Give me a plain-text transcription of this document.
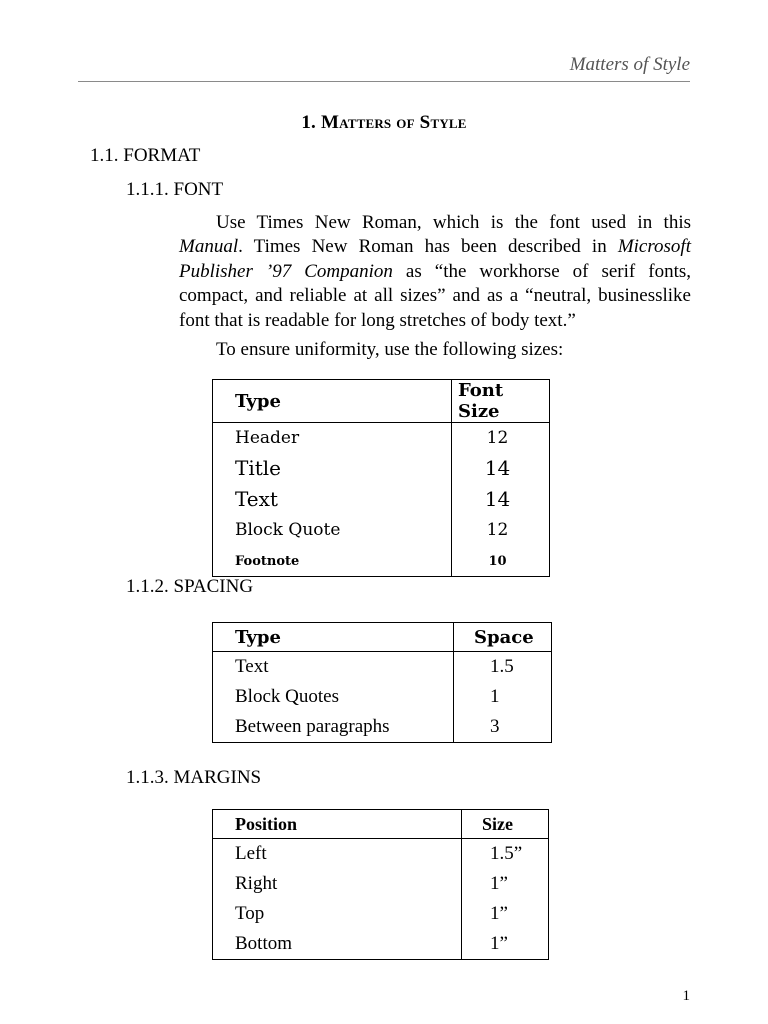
Matters of Style
1. Matters of Style
1.1. FORMAT
1.1.1. FONT
Use Times New Roman, which is the font used in this Manual. Times New Roman has been described in Microsoft Publisher ’97 Companion as “the workhorse of serif fonts, compact, and reliable at all sizes” and as a “neutral, businesslike font that is readable for long stretches of body text.”
To ensure uniformity, use the following sizes:
Type	Font Size
Header	12
Title	14
Text	14
Block Quote	12
Footnote	10
1.1.2. SPACING
Type	Space
Text	1.5
Block Quotes	1
Between paragraphs	3
1.1.3. MARGINS
Position	Size
Left	1.5”
Right	1”
Top	1”
Bottom	1”
1
